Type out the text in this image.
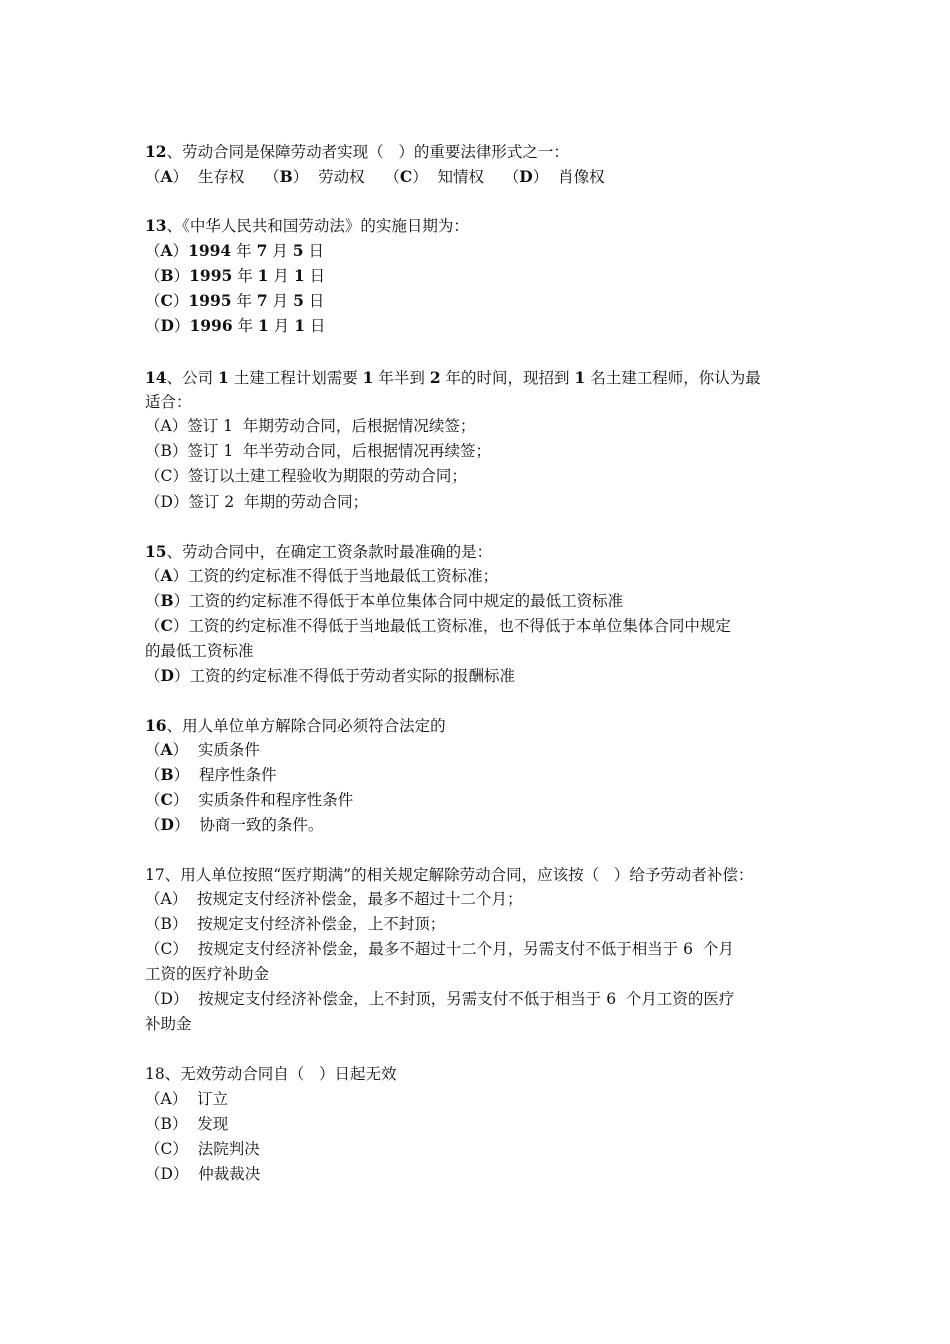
12、劳动合同是保障劳动者实现（   ）的重要法律形式之一：
（A）  生存权    （B）  劳动权    （C）  知情权    （D）  肖像权
13、《中华人民共和国劳动法》的实施日期为：
（A）1994 年 7 月 5 日
（B）1995 年 1 月 1 日
（C）1995 年 7 月 5 日
（D）1996 年 1 月 1 日
14、公司 1 土建工程计划需要 1 年半到 2 年的时间，现招到 1 名土建工程师，你认为最
适合：
（A）签订 1  年期劳动合同，后根据情况续签；
（B）签订 1  年半劳动合同，后根据情况再续签；
（C）签订以土建工程验收为期限的劳动合同；
（D）签订 2  年期的劳动合同；
15、劳动合同中，在确定工资条款时最准确的是：
（A）工资的约定标准不得低于当地最低工资标准；
（B）工资的约定标准不得低于本单位集体合同中规定的最低工资标准
（C）工资的约定标准不得低于当地最低工资标准，也不得低于本单位集体合同中规定
的最低工资标准
（D）工资的约定标准不得低于劳动者实际的报酬标准
16、用人单位单方解除合同必须符合法定的
（A）  实质条件
（B）  程序性条件
（C）  实质条件和程序性条件
（D）  协商一致的条件。
17、用人单位按照“医疗期满”的相关规定解除劳动合同，应该按（   ）给予劳动者补偿：
（A）  按规定支付经济补偿金，最多不超过十二个月；
（B）  按规定支付经济补偿金，上不封顶；
（C）  按规定支付经济补偿金，最多不超过十二个月，另需支付不低于相当于 6  个月
工资的医疗补助金
（D）  按规定支付经济补偿金，上不封顶，另需支付不低于相当于 6  个月工资的医疗
补助金
18、无效劳动合同自（   ）日起无效
（A）  订立
（B）  发现
（C）  法院判决
（D）  仲裁裁决
